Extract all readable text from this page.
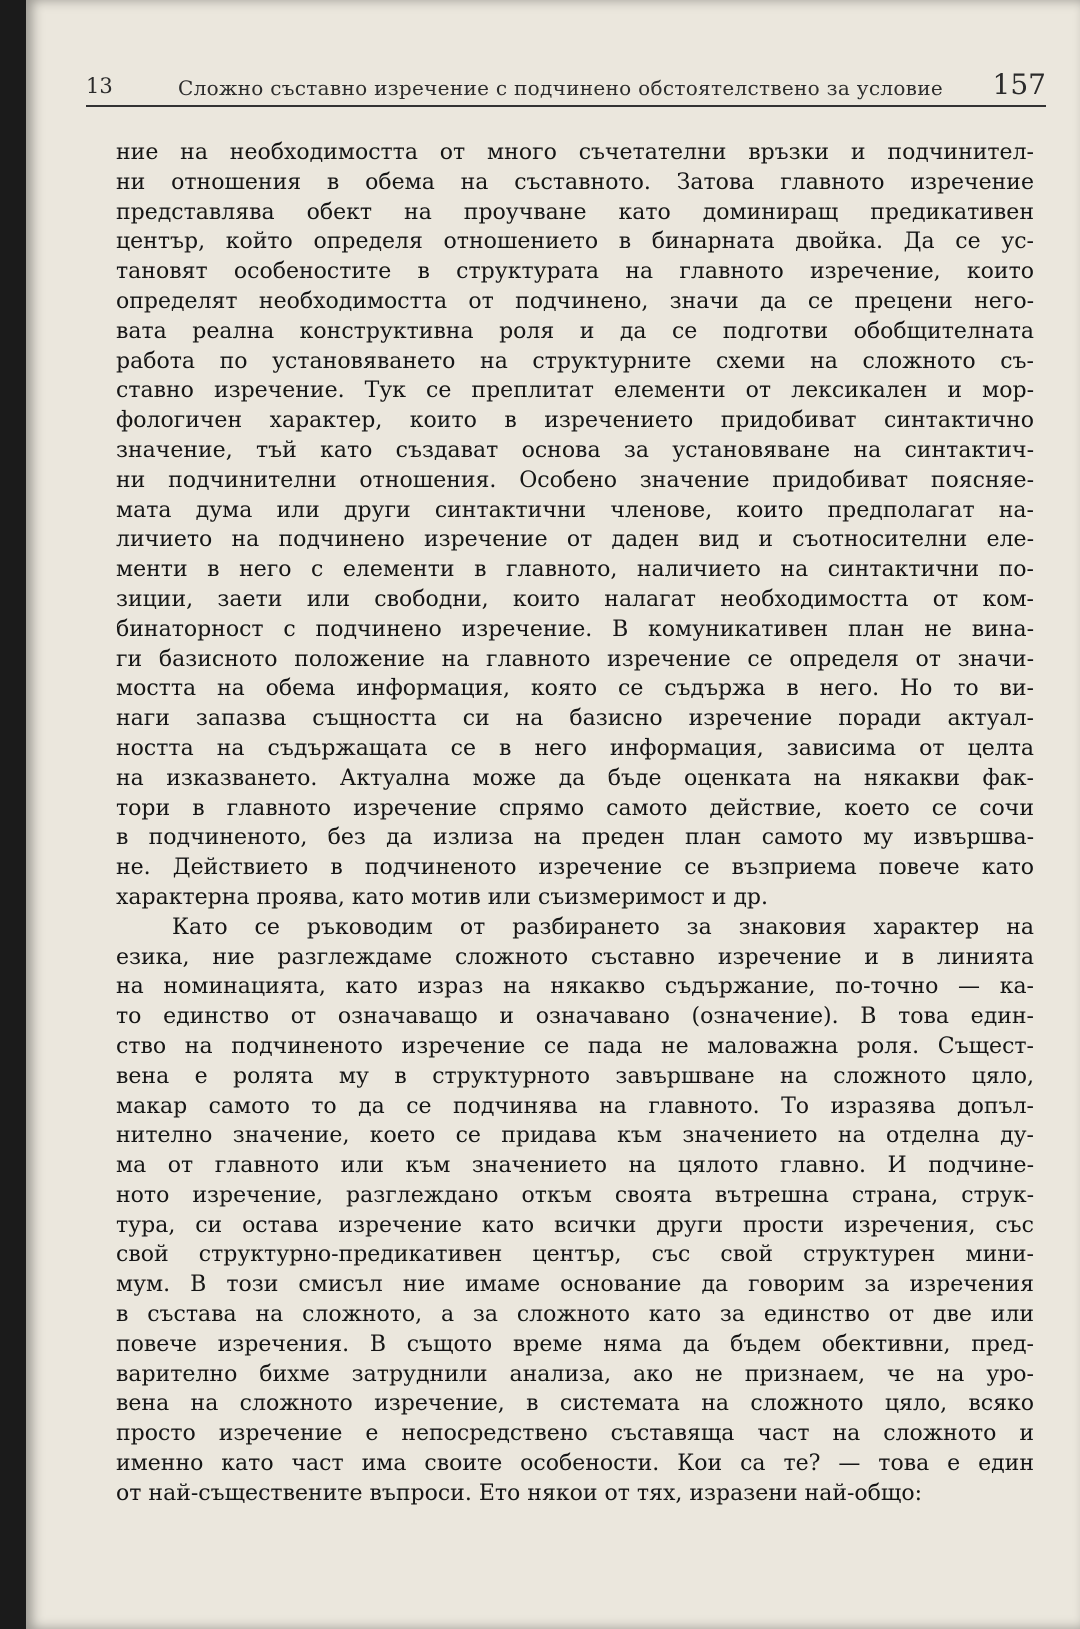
13	Сложно съставно изречение с подчинено обстоятелствено за условие 157
ние на необходимостта от много съчетателни връзки и подчинител-
ни отношения в обема на съставното. Затова главното изречение
представлява обект на проучване като доминиращ предикативен
център, който определя отношението в бинарната двойка. Да се ус-
тановят особеностите в структурата на главното изречение, които
определят необходимостта от подчинено, значи да се прецени него-
вата реална конструктивна роля и да се подготви обобщителната
работа по установяването на структурните схеми на сложното съ-
ставно изречение. Тук се преплитат елементи от лексикален и мор-
фологичен характер, които в изречението придобиват синтактично
значение, тъй като създават основа за установяване на синтактич-
ни подчинителни отношения. Особено значение придобиват поясняе-
мата дума или други синтактични членове, които предполагат на-
личието на подчинено изречение от даден вид и съотносителни еле-
менти в него с елементи в главното, наличието на синтактични по-
зиции, заети или свободни, които налагат необходимостта от ком-
бинаторност с подчинено изречение. В комуникативен план не вина-
ги базисното положение на главното изречение се определя от значи-
мостта на обема информация, която се съдържа в него. Но то ви-
наги запазва същността си на базисно изречение поради актуал-
ността на съдържащата се в него информация, зависима от целта
на изказването. Актуална може да бъде оценката на някакви фак-
тори в главното изречение спрямо самото действие, което се сочи
в подчиненото, без да излиза на преден план самото му извършва-
не. Действието в подчиненото изречение се възприема повече като
характерна проява, като мотив или съизмеримост и др.
Като се ръководим от разбирането за знаковия характер на
езика, ние разглеждаме сложното съставно изречение и в линията
на номинацията, като израз на някакво съдържание, по-точно — ка-
то единство от означаващо и означавано (означение). В това един-
ство на подчиненото изречение се пада не маловажна роля. Същест-
вена е ролята му в структурното завършване на сложното цяло,
макар самото то да се подчинява на главното. То изразява допъл-
нително значение, което се придава към значението на отделна ду-
ма от главното или към значението на цялото главно. И подчине-
ното изречение, разглеждано откъм своята вътрешна страна, струк-
тура, си остава изречение като всички други прости изречения, със
свой структурно-предикативен център, със свой структурен мини-
мум. В този смисъл ние имаме основание да говорим за изречения
в състава на сложното, а за сложното като за единство от две или
повече изречения. В същото време няма да бъдем обективни, пред-
варително бихме затруднили анализа, ако не признаем, че на уро-
вена на сложното изречение, в системата на сложното цяло, всяко
просто изречение е непосредствено съставяща част на сложното и
именно като част има своите особености. Кои са те? — това е един
от най-съществените въпроси. Ето някои от тях, изразени най-общо:
